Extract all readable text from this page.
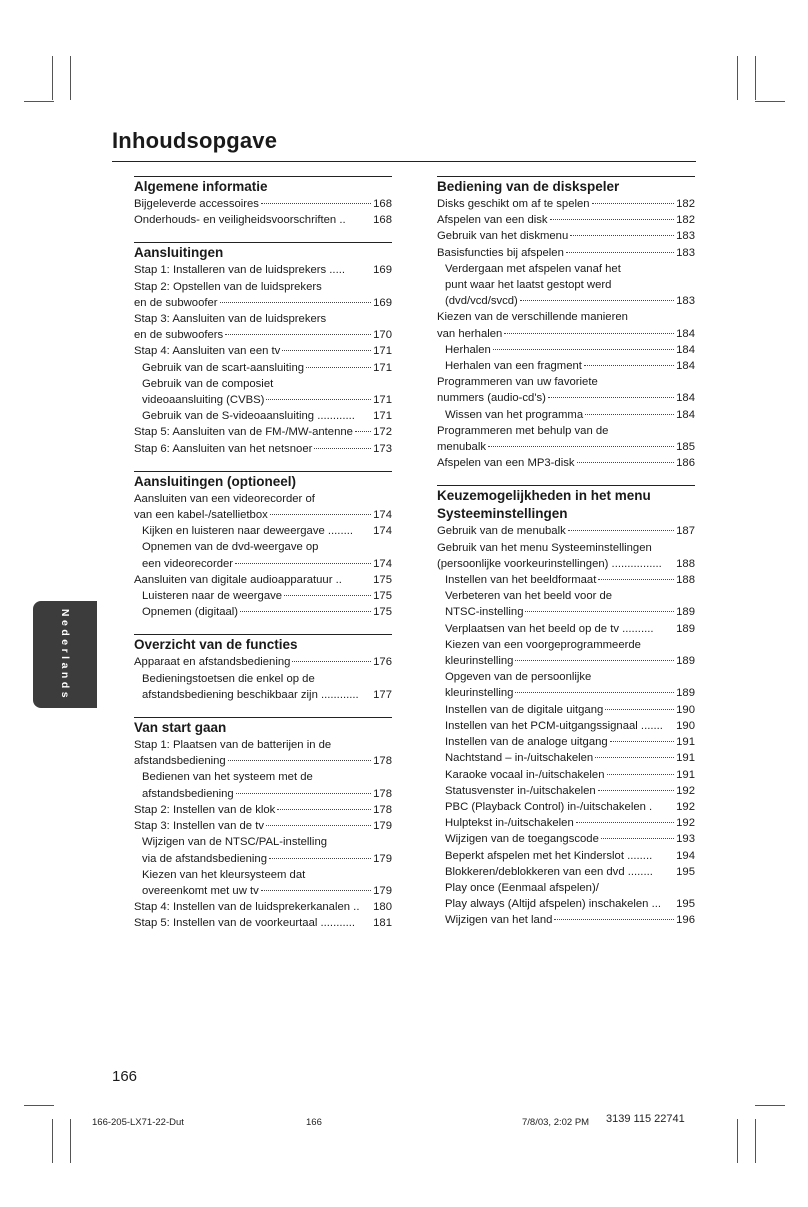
Inhoudsopgave
Algemene informatie
Bijgeleverde accessoires	168
Onderhouds- en veiligheidsvoorschriften .. 168
Aansluitingen
Stap 1: Installeren van de luidsprekers ..... 169
Stap 2: Opstellen van de luidsprekers
en de subwoofer	169
Stap 3: Aansluiten van de luidsprekers
en de subwoofers	170
Stap 4: Aansluiten van een tv	171
Gebruik van de scart-aansluiting	171
Gebruik van de composiet
videoaansluiting (CVBS)	171
Gebruik van de S-videoaansluiting ............ 171
Stap 5: Aansluiten van de FM-/MW-antenne 172
Stap 6: Aansluiten van het netsnoer	173
Aansluitingen (optioneel)
Aansluiten van een videorecorder of
van een kabel-/satellietbox	174
Kijken en luisteren naar deweergave ........ 174
Opnemen van de dvd-weergave op
een videorecorder	174
Aansluiten van digitale audioapparatuur ..	175
Luisteren naar de weergave	175
Opnemen (digitaal)	175
Overzicht van de functies
Apparaat en afstandsbediening	176
Bedieningstoetsen die enkel op de
afstandsbediening beschikbaar zijn ............ 177
Van start gaan
Stap 1: Plaatsen van de batterijen in de
afstandsbediening	178
Bedienen van het systeem met de
afstandsbediening	178
Stap 2: Instellen van de klok	178
Stap 3: Instellen van de tv	179
Wijzigen van de NTSC/PAL-instelling
via de afstandsbediening	179
Kiezen van het kleursysteem dat
overeenkomt met uw tv	179
Stap 4: Instellen van de luidsprekerkanalen .. 180
Stap 5: Instellen van de voorkeurtaal ........... 181
Bediening van de diskspeler
Disks geschikt om af te spelen	182
Afspelen van een disk	182
Gebruik van het diskmenu	183
Basisfuncties bij afspelen	183
Verdergaan met afspelen vanaf het
punt waar het laatst gestopt werd
(dvd/vcd/svcd)	183
Kiezen van de verschillende manieren
van herhalen	184
Herhalen	184
Herhalen van een fragment	184
Programmeren van uw favoriete
nummers (audio-cd's)	184
Wissen van het programma	184
Programmeren met behulp van de
menubalk	185
Afspelen van een MP3-disk	186
Keuzemogelijkheden in het menu
Systeeminstellingen
Gebruik van de menubalk	187
Gebruik van het menu Systeeminstellingen
(persoonlijke voorkeurinstellingen) ................ 188
Instellen van het beeldformaat	188
Verbeteren van het beeld voor de
NTSC-instelling	189
Verplaatsen van het beeld op de tv .......... 189
Kiezen van een voorgeprogrammeerde
kleurinstelling	189
Opgeven van de persoonlijke
kleurinstelling	189
Instellen van de digitale uitgang	190
Instellen van het PCM-uitgangssignaal ....... 190
Instellen van de analoge uitgang	191
Nachtstand – in-/uitschakelen	191
Karaoke vocaal in-/uitschakelen	191
Statusvenster in-/uitschakelen	192
PBC (Playback Control) in-/uitschakelen . 192
Hulptekst in-/uitschakelen	192
Wijzigen van de toegangscode	193
Beperkt afspelen met het Kinderslot ........ 194
Blokkeren/deblokkeren van een dvd ........ 195
Play once (Eenmaal afspelen)/
Play always (Altijd afspelen) inschakelen ... 195
Wijzigen van het land	196
Nederlands
166
166-205-LX71-22-Dut	166	7/8/03, 2:02 PM 3139 115 22741
